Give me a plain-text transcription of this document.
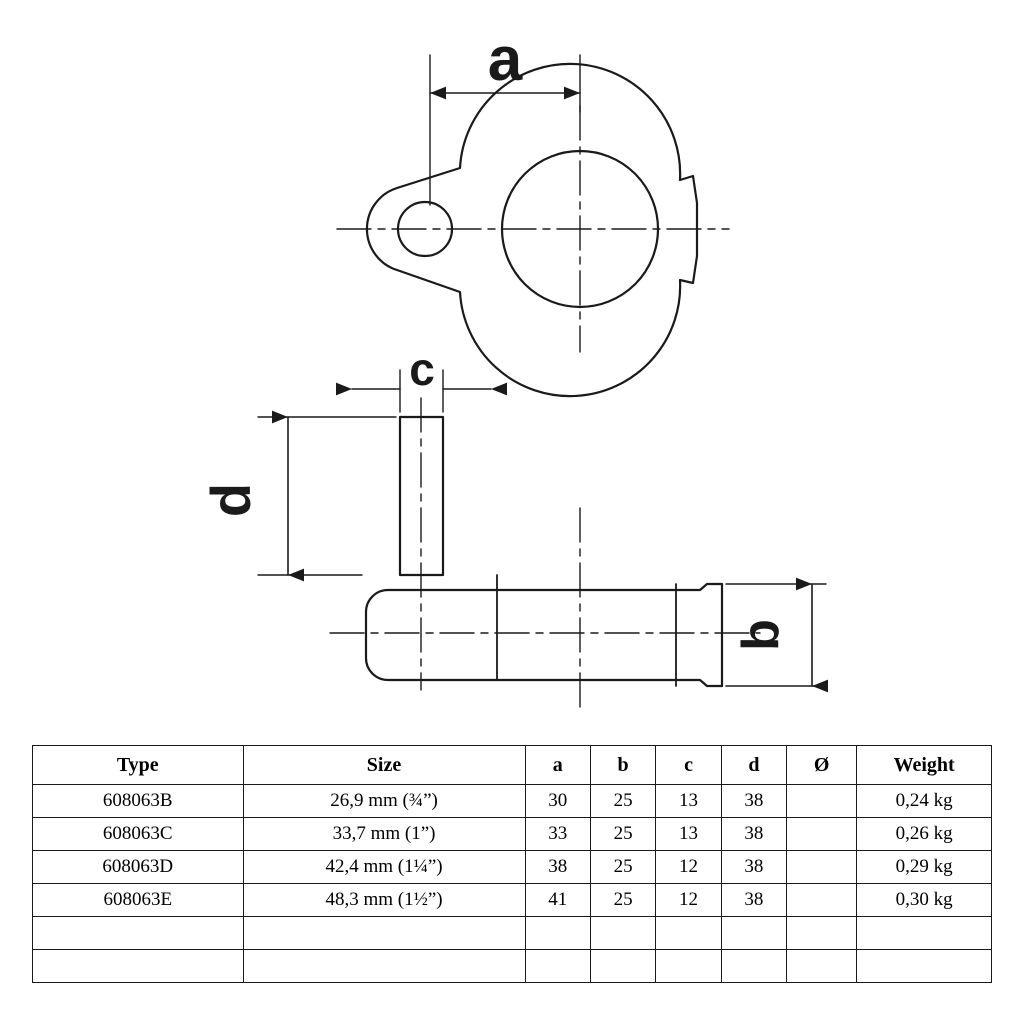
a
c
d
b
Type	Size	a	b	c	d	Ø	Weight
608063B	26,9 mm (¾”)	30	25	13	38		0,24 kg
608063C	33,7 mm (1”)	33	25	13	38		0,26 kg
608063D	42,4 mm (1¼”)	38	25	12	38		0,29 kg
608063E	48,3 mm (1½”)	41	25	12	38		0,30 kg
